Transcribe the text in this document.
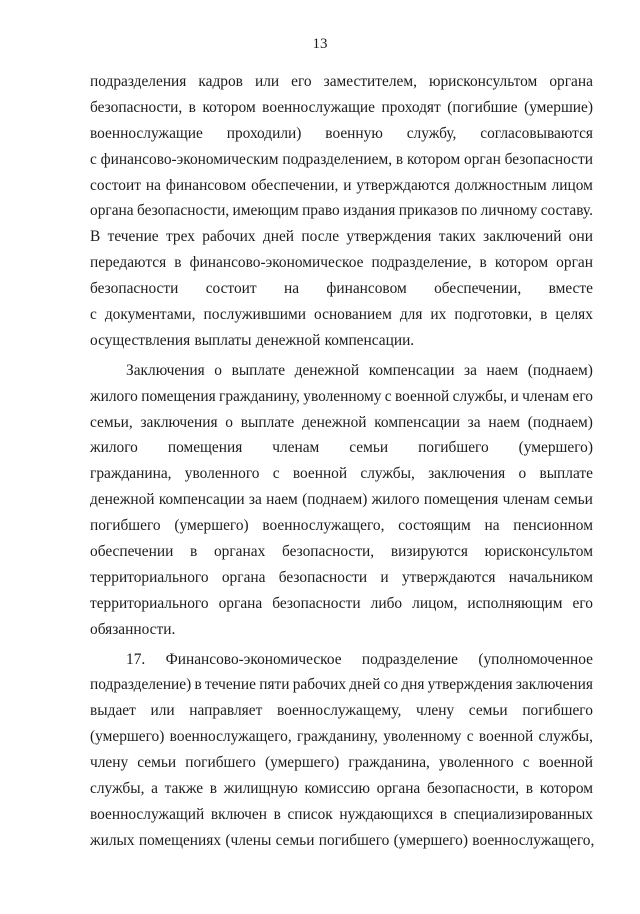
13
подразделения кадров или его заместителем, юрисконсультом органа
безопасности, в котором военнослужащие проходят (погибшие (умершие)
военнослужащие проходили) военную службу, согласовываются
с финансово-экономическим подразделением, в котором орган безопасности
состоит на финансовом обеспечении, и утверждаются должностным лицом
органа безопасности, имеющим право издания приказов по личному составу.
В течение трех рабочих дней после утверждения таких заключений они
передаются в финансово-экономическое подразделение, в котором орган
безопасности состоит на финансовом обеспечении, вместе
с документами, послужившими основанием для их подготовки, в целях
осуществления выплаты денежной компенсации.
Заключения о выплате денежной компенсации за наем (поднаем)
жилого помещения гражданину, уволенному с военной службы, и членам его
семьи, заключения о выплате денежной компенсации за наем (поднаем)
жилого помещения членам семьи погибшего (умершего)
гражданина, уволенного с военной службы, заключения о выплате
денежной компенсации за наем (поднаем) жилого помещения членам семьи
погибшего (умершего) военнослужащего, состоящим на пенсионном
обеспечении в органах безопасности, визируются юрисконсультом
территориального органа безопасности и утверждаются начальником
территориального органа безопасности либо лицом, исполняющим его
обязанности.
17. Финансово-экономическое подразделение (уполномоченное
подразделение) в течение пяти рабочих дней со дня утверждения заключения
выдает или направляет военнослужащему, члену семьи погибшего
(умершего) военнослужащего, гражданину, уволенному с военной службы,
члену семьи погибшего (умершего) гражданина, уволенного с военной
службы, а также в жилищную комиссию органа безопасности, в котором
военнослужащий включен в список нуждающихся в специализированных
жилых помещениях (члены семьи погибшего (умершего) военнослужащего,
